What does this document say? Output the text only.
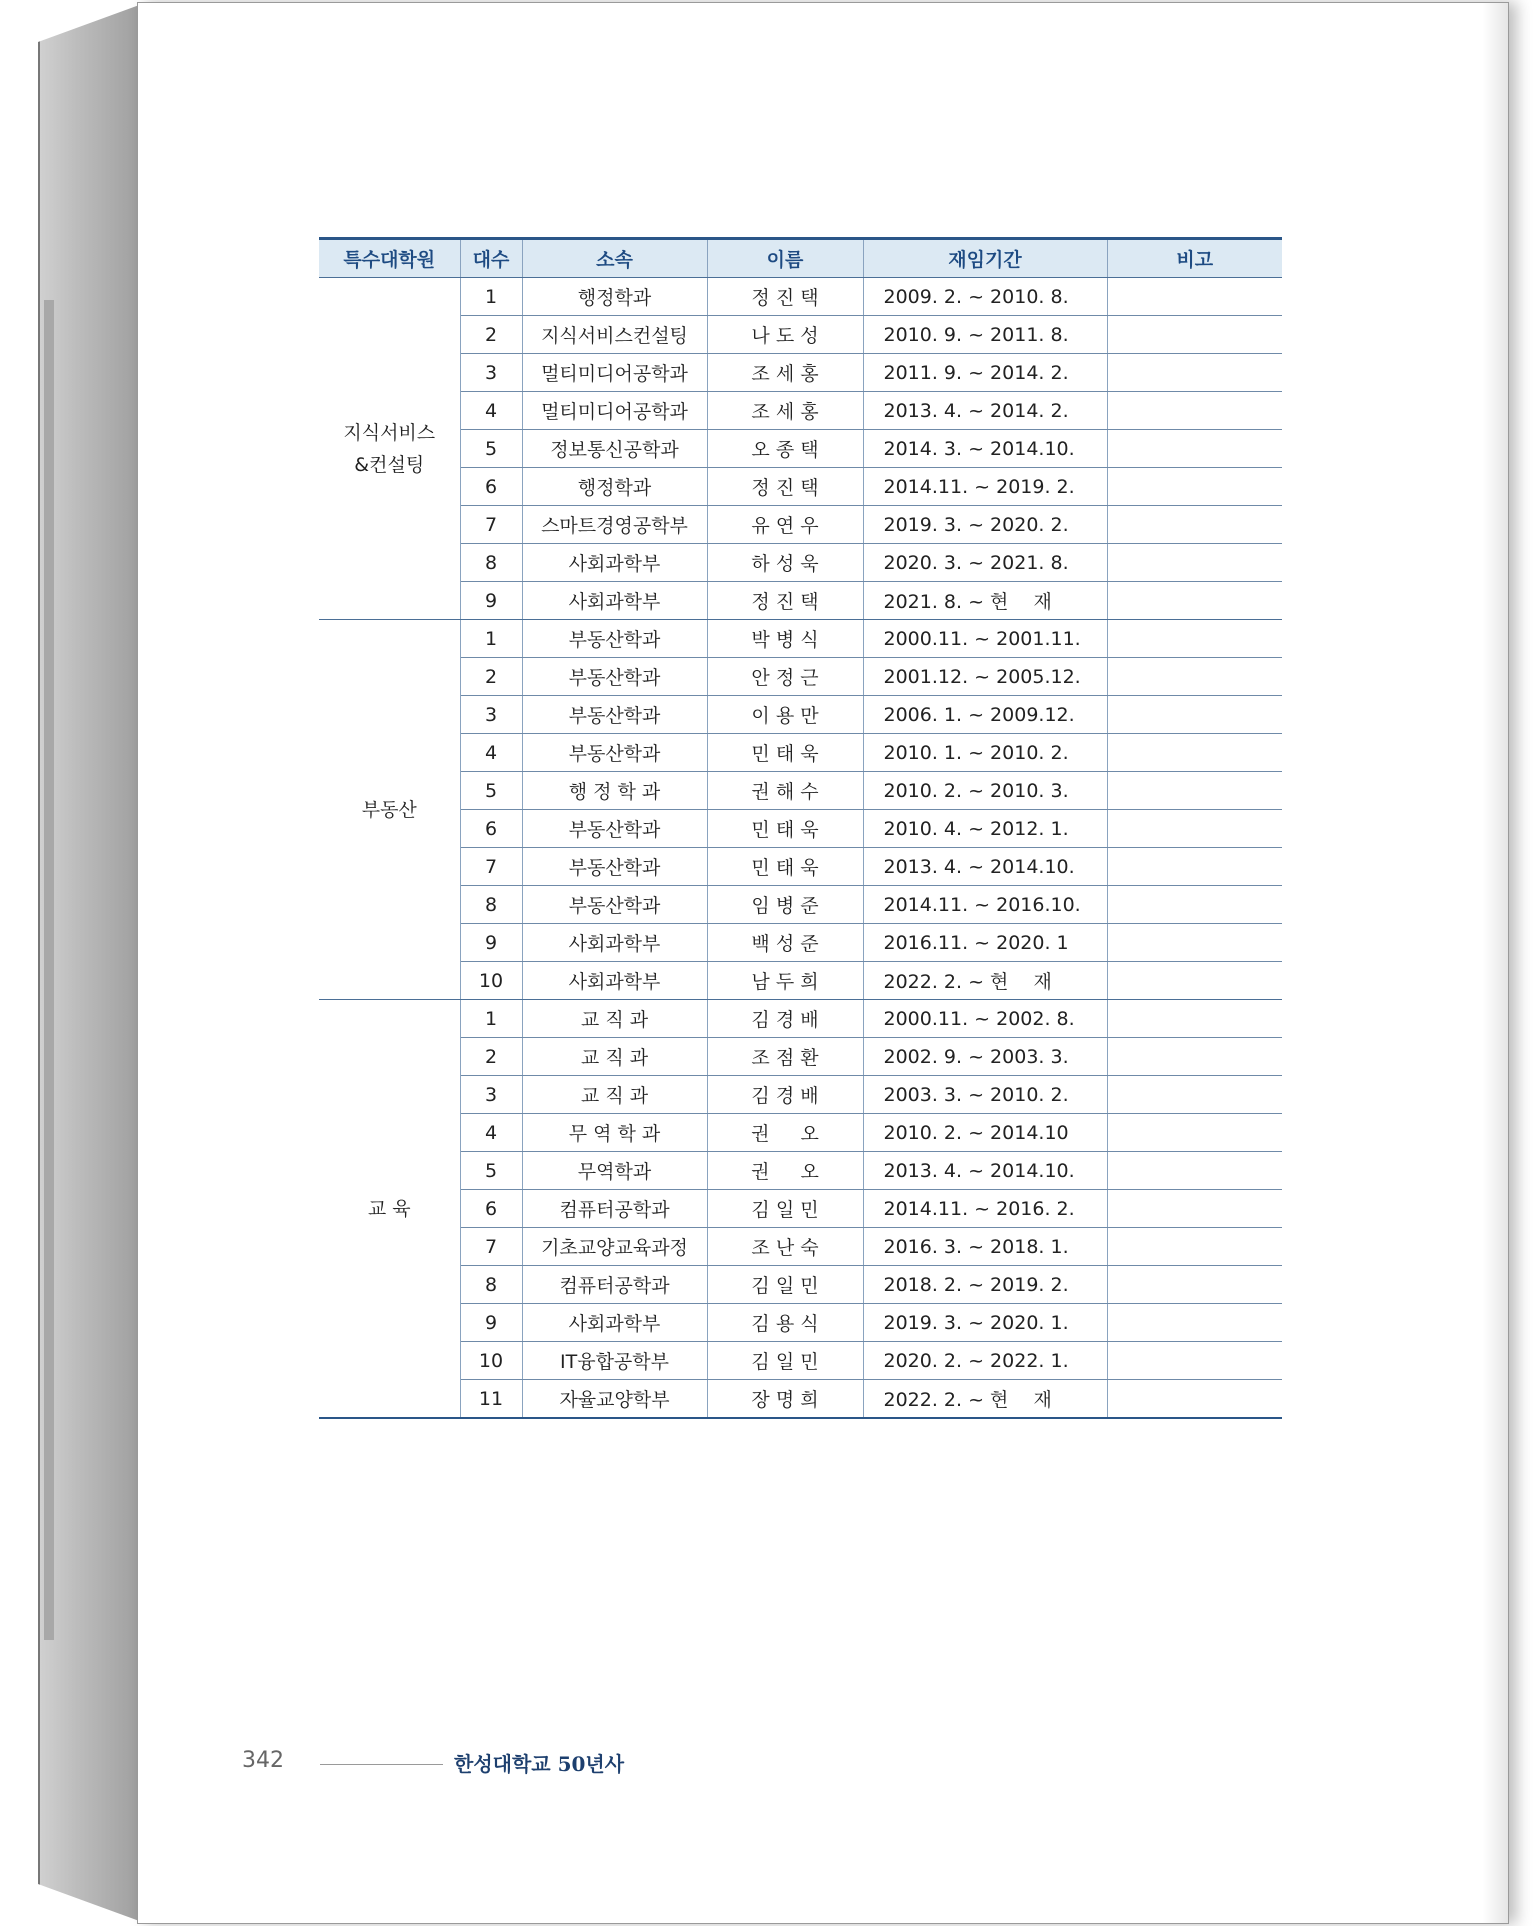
특수대학원	대수	소속	이름	재임기간	비고
지식서비스
&컨설팅	1	행정학과	정 진 택	2009. 2. ~ 2010. 8.	
	2	지식서비스컨설팅	나 도 성	2010. 9. ~ 2011. 8.	
	3	멀티미디어공학과	조 세 홍	2011. 9. ~ 2014. 2.	
	4	멀티미디어공학과	조 세 홍	2013. 4. ~ 2014. 2.	
	5	정보통신공학과	오 종 택	2014. 3. ~ 2014.10.	
	6	행정학과	정 진 택	2014.11. ~ 2019. 2.	
	7	스마트경영공학부	유 연 우	2019. 3. ~ 2020. 2.	
	8	사회과학부	하 성 욱	2020. 3. ~ 2021. 8.	
	9	사회과학부	정 진 택	2021. 8. ~ 현　 재	
부동산	1	부동산학과	박 병 식	2000.11. ~ 2001.11.	
	2	부동산학과	안 정 근	2001.12. ~ 2005.12.	
	3	부동산학과	이 용 만	2006. 1. ~ 2009.12.	
	4	부동산학과	민 태 욱	2010. 1. ~ 2010. 2.	
	5	행 정 학 과	권 해 수	2010. 2. ~ 2010. 3.	
	6	부동산학과	민 태 욱	2010. 4. ~ 2012. 1.	
	7	부동산학과	민 태 욱	2013. 4. ~ 2014.10.	
	8	부동산학과	임 병 준	2014.11. ~ 2016.10.	
	9	사회과학부	백 성 준	2016.11. ~ 2020. 1	
	10	사회과학부	남 두 희	2022. 2. ~ 현　 재	
교 육	1	교 직 과	김 경 배	2000.11. ~ 2002. 8.	
	2	교 직 과	조 점 환	2002. 9. ~ 2003. 3.	
	3	교 직 과	김 경 배	2003. 3. ~ 2010. 2.	
	4	무 역 학 과	권 　 오	2010. 2. ~ 2014.10	
	5	무역학과	권 　 오	2013. 4. ~ 2014.10.	
	6	컴퓨터공학과	김 일 민	2014.11. ~ 2016. 2.	
	7	기초교양교육과정	조 난 숙	2016. 3. ~ 2018. 1.	
	8	컴퓨터공학과	김 일 민	2018. 2. ~ 2019. 2.	
	9	사회과학부	김 용 식	2019. 3. ~ 2020. 1.	
	10	IT융합공학부	김 일 민	2020. 2. ~ 2022. 1.	
	11	자율교양학부	장 명 희	2022. 2. ~ 현　 재	
342	한성대학교 50년사
